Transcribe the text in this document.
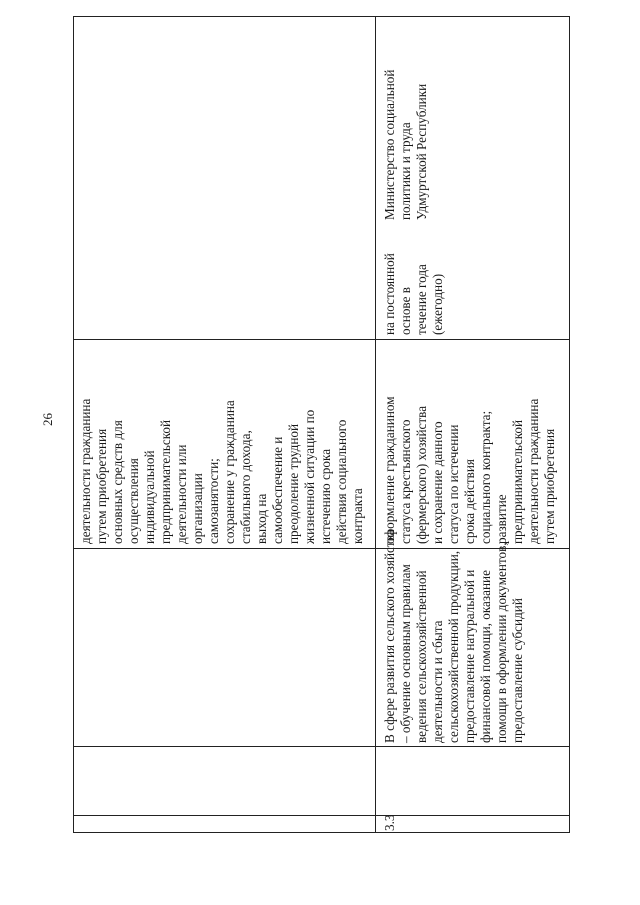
26 деятельности гражданина путем приобретения основных средств для осуществления индивидуальной предпринимательской деятельности или организации самозанятости; сохранение у гражданина стабильного дохода, выход на самообеспечение и преодоление трудной жизненной ситуации по истечению срока действия социального контракта
Министерство социальной политики и труда Удмуртской Республики
3.3
В сфере развития сельского хозяйства – обучение основным правилам ведения сельскохозяйственной деятельности и сбыта сельскохозяйственной продукции, предоставление натуральной и финансовой помощи, оказание помощи в оформлении документов, предоставление субсидий
оформление гражданином статуса крестьянского (фермерского) хозяйства и сохранение данного статуса по истечении срока действия социального контракта; развитие предпринимательской деятельности гражданина путем приобретения
на постоянной основе в течение года (ежегодно)
